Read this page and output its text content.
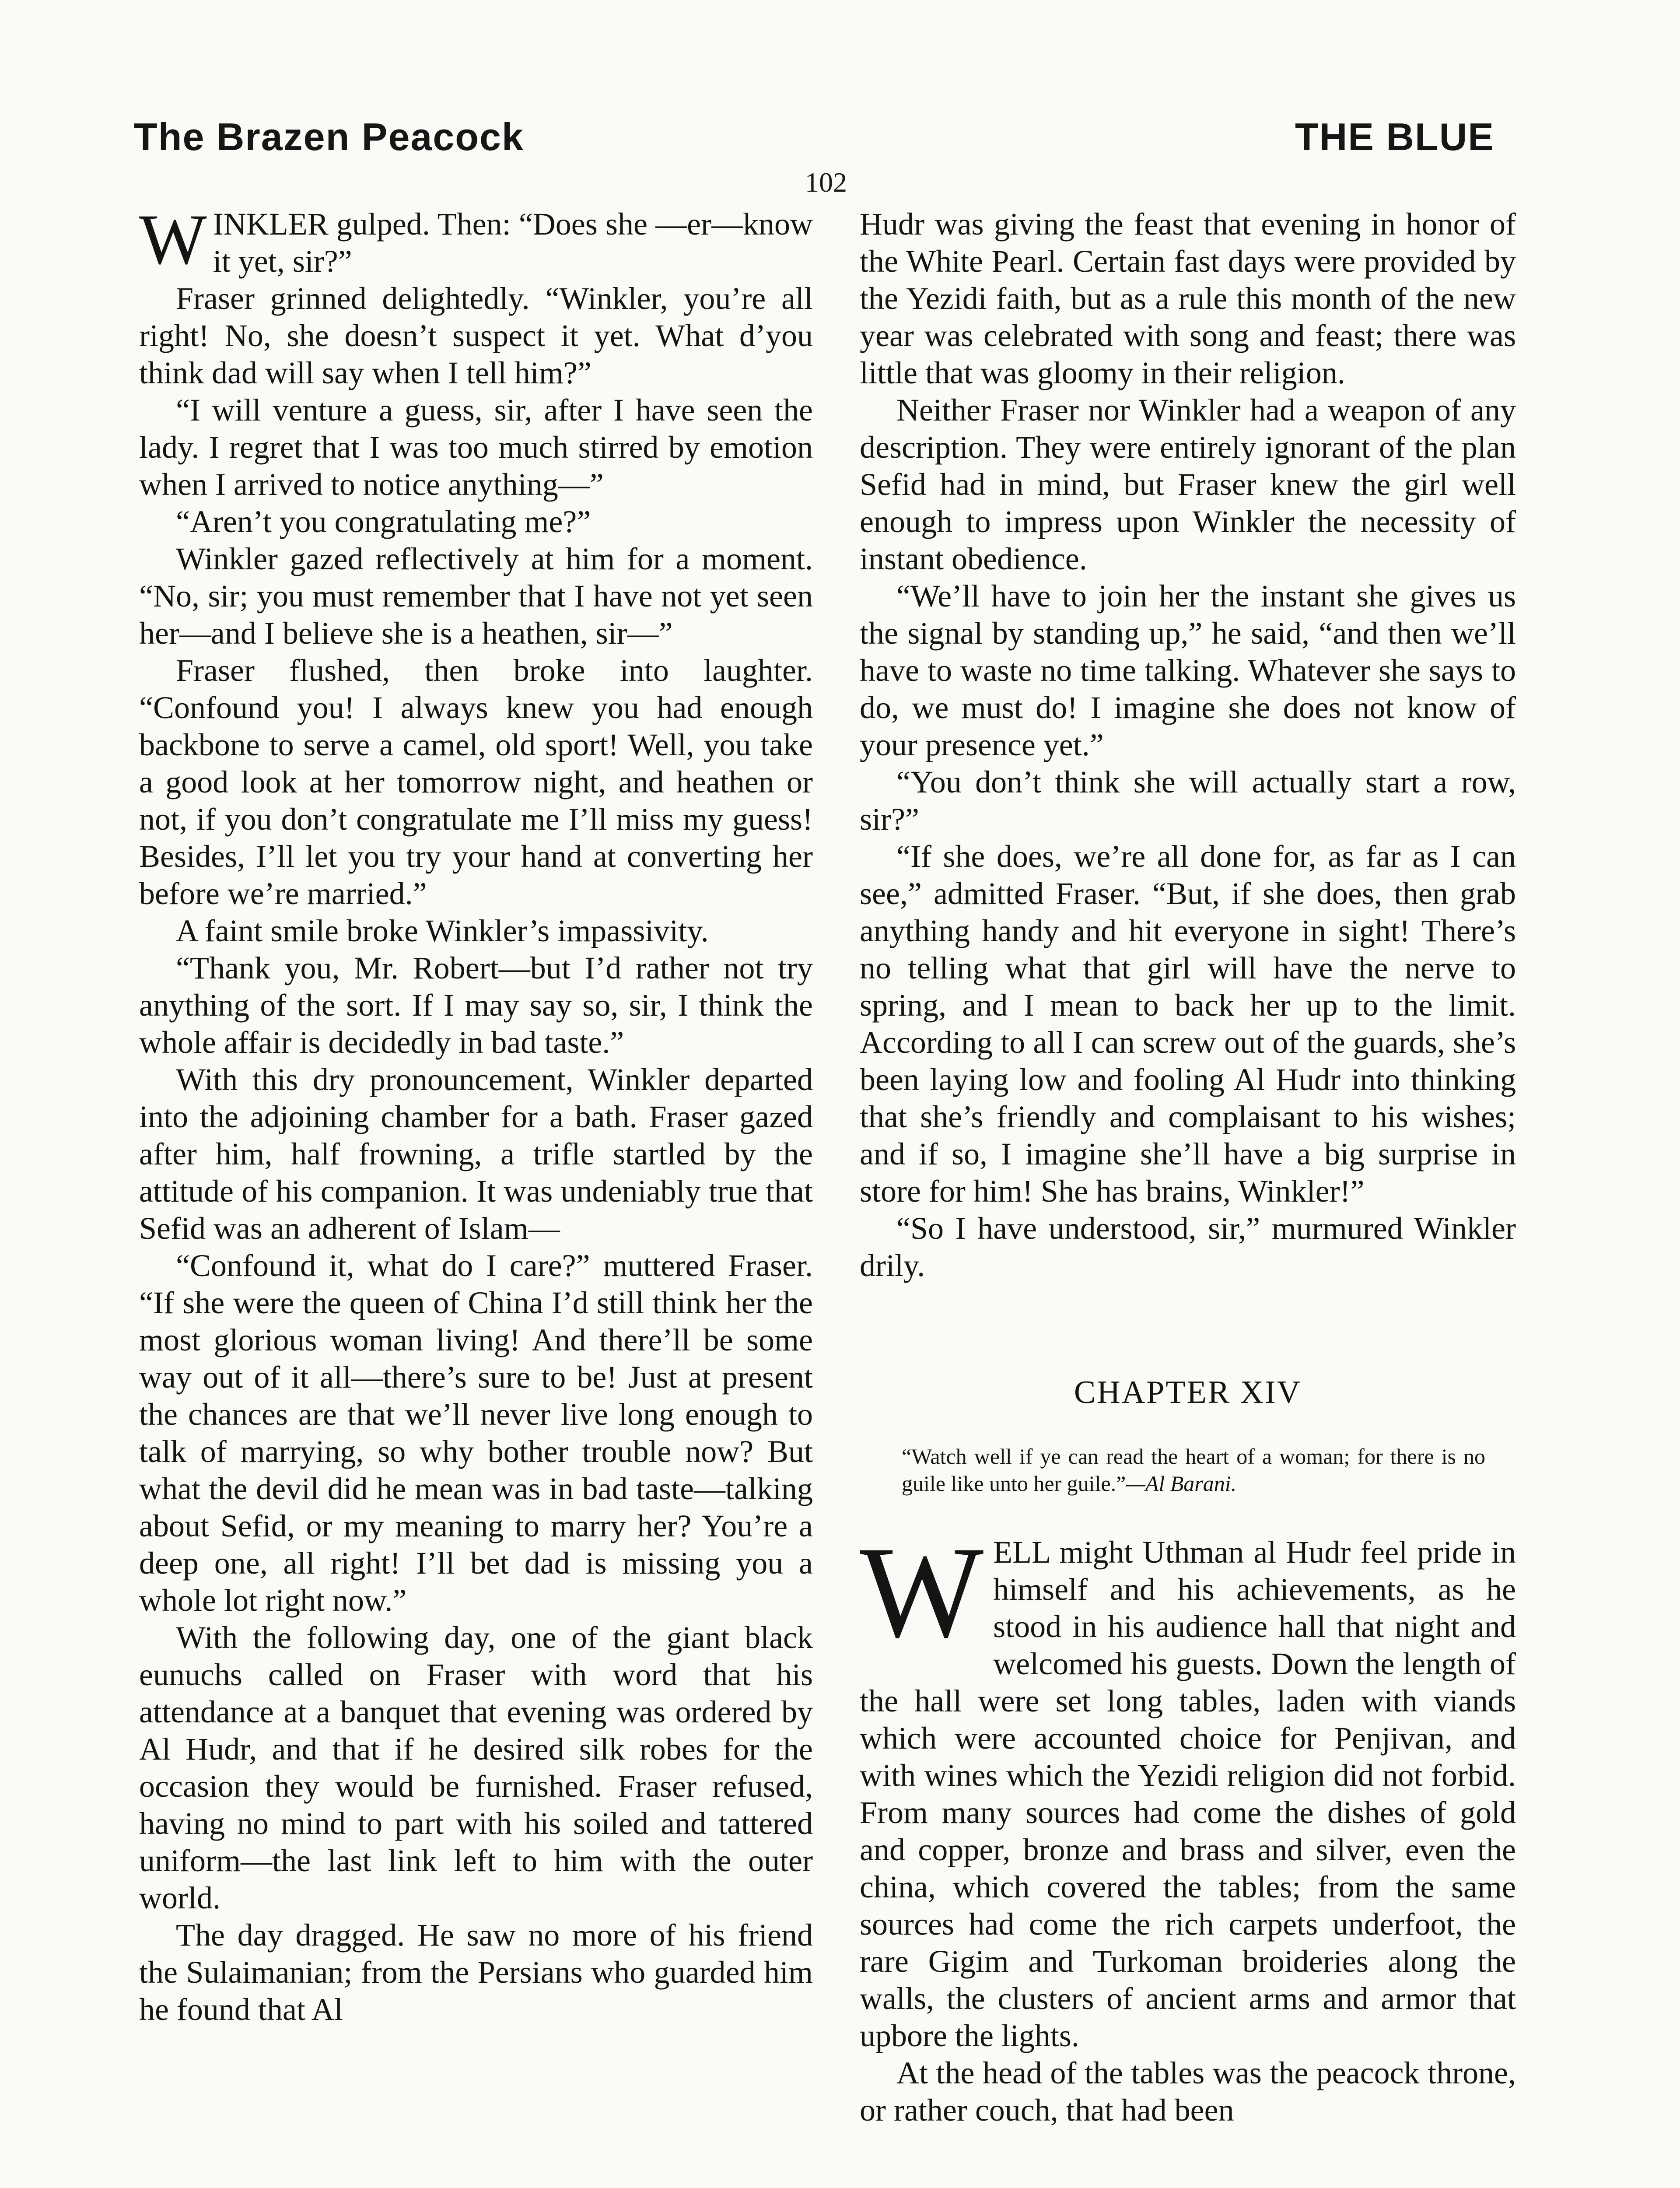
The Brazen Peacock	THE BLUE
102

WINKLER gulped. Then: “Does she —er—know it yet, sir?”

Fraser grinned delightedly. “Winkler, you’re all right! No, she doesn’t suspect it yet. What d’you think dad will say when I tell him?”

“I will venture a guess, sir, after I have seen the lady. I regret that I was too much stirred by emotion when I arrived to notice anything—”

“Aren’t you congratulating me?”

Winkler gazed reflectively at him for a moment. “No, sir; you must remember that I have not yet seen her—and I believe she is a heathen, sir—”

Fraser flushed, then broke into laughter. “Confound you! I always knew you had enough backbone to serve a camel, old sport! Well, you take a good look at her tomorrow night, and heathen or not, if you don’t congratulate me I’ll miss my guess! Besides, I’ll let you try your hand at converting her before we’re married.”

A faint smile broke Winkler’s impassivity.

“Thank you, Mr. Robert—but I’d rather not try anything of the sort. If I may say so, sir, I think the whole affair is decidedly in bad taste.”

With this dry pronouncement, Winkler departed into the adjoining chamber for a bath. Fraser gazed after him, half frowning, a trifle startled by the attitude of his companion. It was undeniably true that Sefid was an adherent of Islam—

“Confound it, what do I care?” muttered Fraser. “If she were the queen of China I’d still think her the most glorious woman living! And there’ll be some way out of it all—there’s sure to be! Just at present the chances are that we’ll never live long enough to talk of marrying, so why bother trouble now? But what the devil did he mean was in bad taste—talking about Sefid, or my meaning to marry her? You’re a deep one, all right! I’ll bet dad is missing you a whole lot right now.”

With the following day, one of the giant black eunuchs called on Fraser with word that his attendance at a banquet that evening was ordered by Al Hudr, and that if he desired silk robes for the occasion they would be furnished. Fraser refused, having no mind to part with his soiled and tattered uniform—the last link left to him with the outer world.

The day dragged. He saw no more of his friend the Sulaimanian; from the Persians who guarded him he found that Al

Hudr was giving the feast that evening in honor of the White Pearl. Certain fast days were provided by the Yezidi faith, but as a rule this month of the new year was celebrated with song and feast; there was little that was gloomy in their religion.

Neither Fraser nor Winkler had a weapon of any description. They were entirely ignorant of the plan Sefid had in mind, but Fraser knew the girl well enough to impress upon Winkler the necessity of instant obedience.

“We’ll have to join her the instant she gives us the signal by standing up,” he said, “and then we’ll have to waste no time talking. Whatever she says to do, we must do! I imagine she does not know of your presence yet.”

“You don’t think she will actually start a row, sir?”

“If she does, we’re all done for, as far as I can see,” admitted Fraser. “But, if she does, then grab anything handy and hit everyone in sight! There’s no telling what that girl will have the nerve to spring, and I mean to back her up to the limit. According to all I can screw out of the guards, she’s been laying low and fooling Al Hudr into thinking that she’s friendly and complaisant to his wishes; and if so, I imagine she’ll have a big surprise in store for him! She has brains, Winkler!”

“So I have understood, sir,” murmured Winkler drily.

CHAPTER XIV
“Watch well if ye can read the heart of a woman; for there is no guile like unto her guile.”—Al Barani.

WELL might Uthman al Hudr feel pride in himself and his achievements, as he stood in his audience hall that night and welcomed his guests. Down the length of the hall were set long tables, laden with viands which were accounted choice for Penjivan, and with wines which the Yezidi religion did not forbid. From many sources had come the dishes of gold and copper, bronze and brass and silver, even the china, which covered the tables; from the same sources had come the rich carpets underfoot, the rare Gigim and Turkoman broideries along the walls, the clusters of ancient arms and armor that upbore the lights.

At the head of the tables was the peacock throne, or rather couch, that had been
